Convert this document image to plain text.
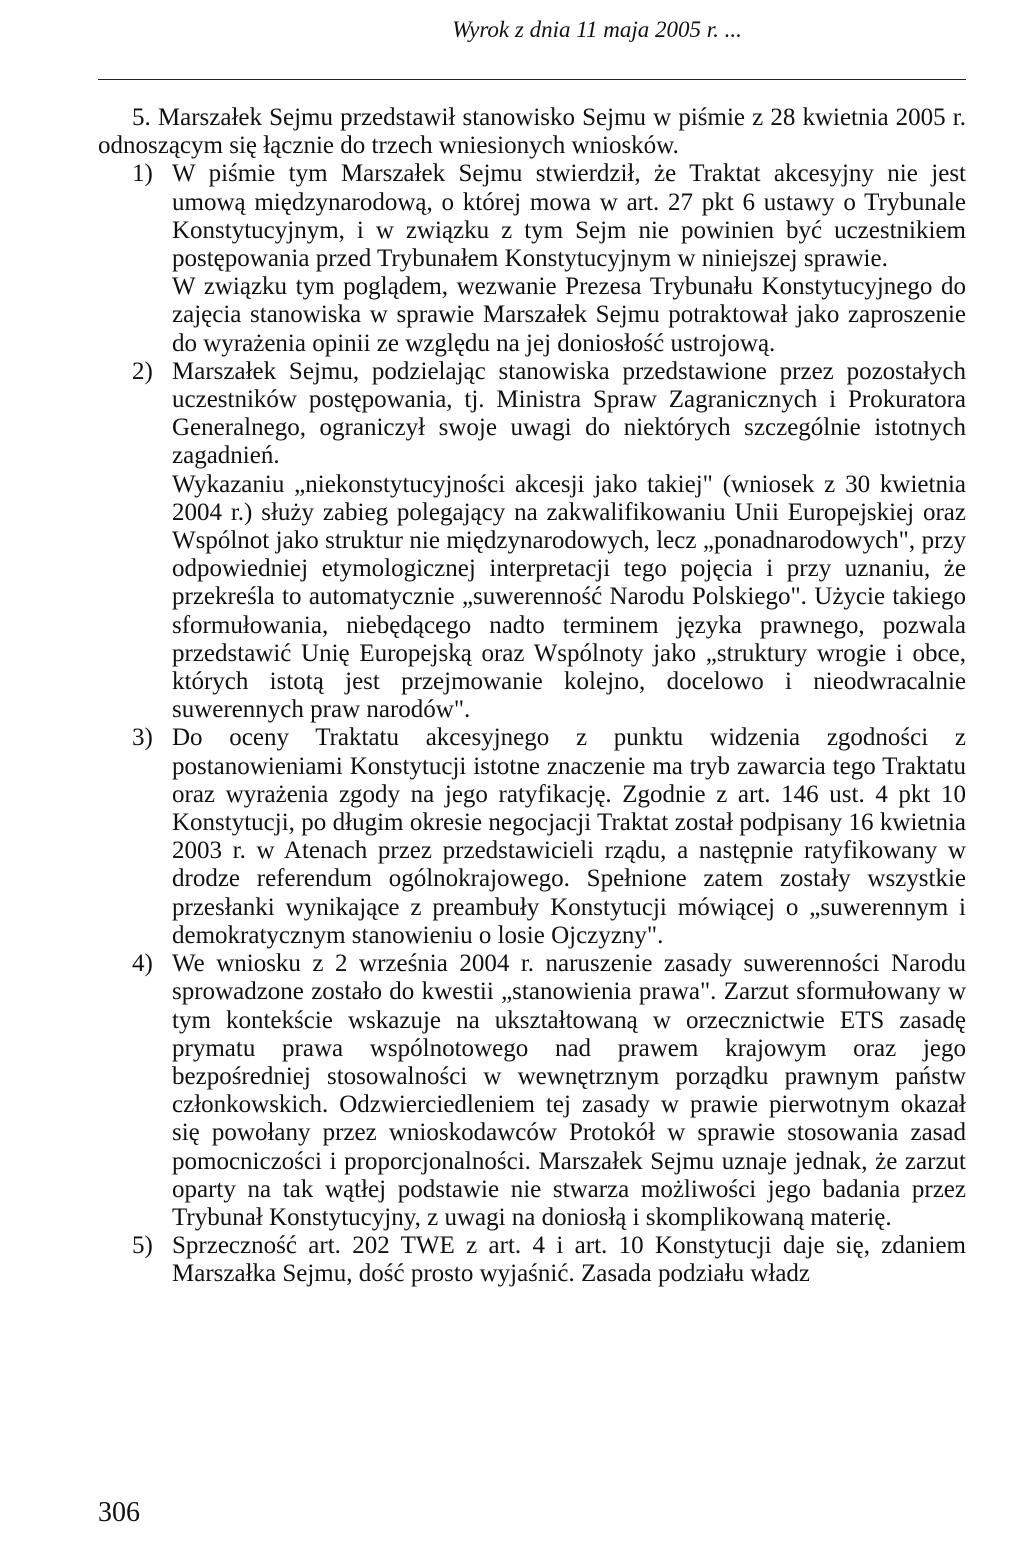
Wyrok z dnia 11 maja 2005 r. ...

5. Marszałek Sejmu przedstawił stanowisko Sejmu w piśmie z 28 kwietnia 2005 r. odnoszącym się łącznie do trzech wniesionych wniosków.

1) W piśmie tym Marszałek Sejmu stwierdził, że Traktat akcesyjny nie jest umową międzynarodową, o której mowa w art. 27 pkt 6 ustawy o Trybunale Konstytucyjnym, i w związku z tym Sejm nie powinien być uczestnikiem postępowania przed Trybunałem Konstytucyjnym w niniejszej sprawie.

W związku tym poglądem, wezwanie Prezesa Trybunału Konstytucyjnego do zajęcia stanowiska w sprawie Marszałek Sejmu potraktował jako zaproszenie do wyrażenia opinii ze względu na jej doniosłość ustrojową.

2) Marszałek Sejmu, podzielając stanowiska przedstawione przez pozostałych uczestników postępowania, tj. Ministra Spraw Zagranicznych i Prokuratora Generalnego, ograniczył swoje uwagi do niektórych szczególnie istotnych zagadnień.

Wykazaniu „niekonstytucyjności akcesji jako takiej" (wniosek z 30 kwietnia 2004 r.) służy zabieg polegający na zakwalifikowaniu Unii Europejskiej oraz Wspólnot jako struktur nie międzynarodowych, lecz „ponadnarodowych", przy odpowiedniej etymologicznej interpretacji tego pojęcia i przy uznaniu, że przekreśla to automatycznie „suwerenność Narodu Polskiego". Użycie takiego sformułowania, niebędącego nadto terminem języka prawnego, pozwala przedstawić Unię Europejską oraz Wspólnoty jako „struktury wrogie i obce, których istotą jest przejmowanie kolejno, docelowo i nieodwracalnie suwerennych praw narodów".

3) Do oceny Traktatu akcesyjnego z punktu widzenia zgodności z postanowieniami Konstytucji istotne znaczenie ma tryb zawarcia tego Traktatu oraz wyrażenia zgody na jego ratyfikację. Zgodnie z art. 146 ust. 4 pkt 10 Konstytucji, po długim okresie negocjacji Traktat został podpisany 16 kwietnia 2003 r. w Atenach przez przedstawicieli rządu, a następnie ratyfikowany w drodze referendum ogólnokrajowego. Spełnione zatem zostały wszystkie przesłanki wynikające z preambuły Konstytucji mówiącej o „suwerennym i demokratycznym stanowieniu o losie Ojczyzny".

4) We wniosku z 2 września 2004 r. naruszenie zasady suwerenności Narodu sprowadzone zostało do kwestii „stanowienia prawa". Zarzut sformułowany w tym kontekście wskazuje na ukształtowaną w orzecznictwie ETS zasadę prymatu prawa wspólnotowego nad prawem krajowym oraz jego bezpośredniej stosowalności w wewnętrznym porządku prawnym państw członkowskich. Odzwierciedleniem tej zasady w prawie pierwotnym okazał się powołany przez wnioskodawców Protokół w sprawie stosowania zasad pomocniczości i proporcjonalności. Marszałek Sejmu uznaje jednak, że zarzut oparty na tak wątłej podstawie nie stwarza możliwości jego badania przez Trybunał Konstytucyjny, z uwagi na doniosłą i skomplikowaną materię.

5) Sprzeczność art. 202 TWE z art. 4 i art. 10 Konstytucji daje się, zdaniem Marszałka Sejmu, dość prosto wyjaśnić. Zasada podziału władz

306
